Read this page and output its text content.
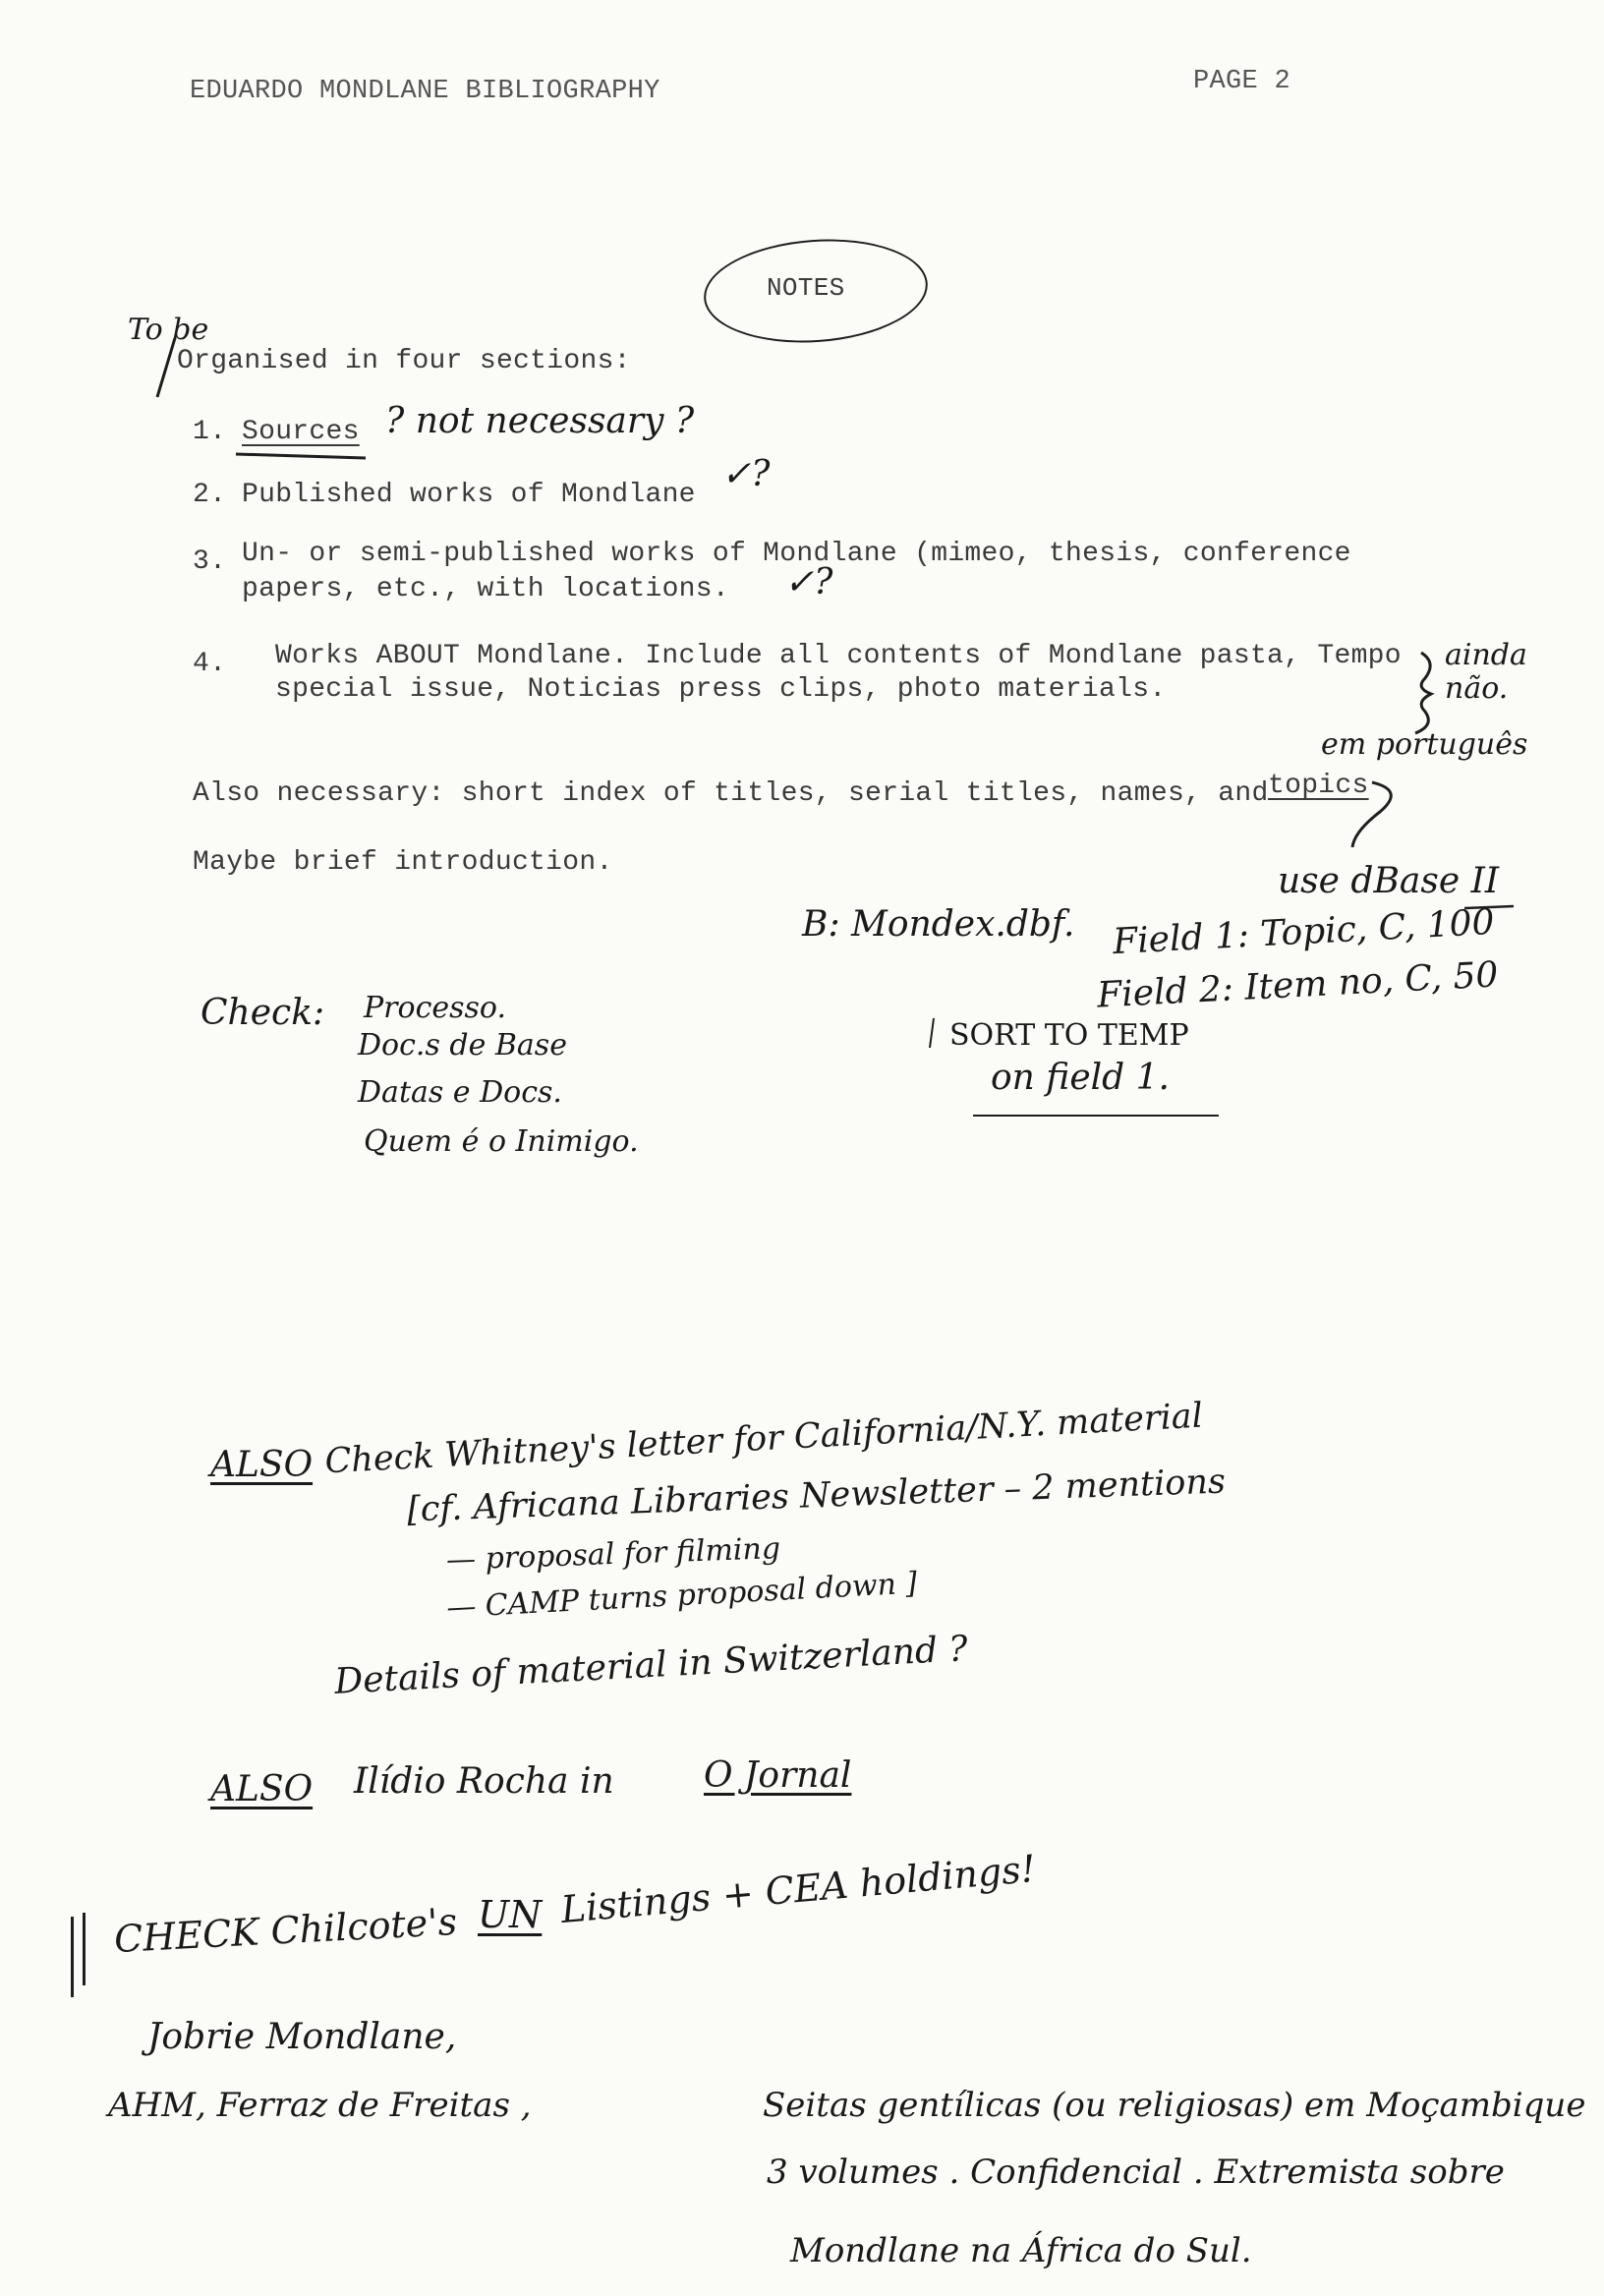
EDUARDO MONDLANE BIBLIOGRAPHY	PAGE 2
NOTES
To be
Organised in four sections:
1. Sources ? not necessary ?
2. Published works of Mondlane
✓?
3. Un- or semi-published works of Mondlane (mimeo, thesis, conference
papers, etc., with locations. ✓?
4. Works ABOUT Mondlane. Include all contents of Mondlane pasta, Tempo
special issue, Noticias press clips, photo materials.
ainda não.
em português
Also necessary: short index of titles, serial titles, names, and topics
use dBase II
Maybe brief introduction.
B: Mondex.dbf. Field 1: Topic, C, 100
Field 2: Item no, C, 50
Check: Processo.
Doc.s de Base
Datas e Docs.
Quem é o Inimigo.
SORT TO TEMP
on field 1.
ALSO Check Whitney's letter for California/N.Y. material
[cf. Africana Libraries Newsletter – 2 mentions
— proposal for filming
— CAMP turns proposal down ]
Details of material in Switzerland ?
ALSO Ilídio Rocha in	O Jornal
CHECK Chilcote's UN Listings + CEA holdings!
Jobrie Mondlane,
AHM, Ferraz de Freitas ,	Seitas gentílicas (ou religiosas) em Moçambique
3 volumes . Confidencial . Extremista sobre
Mondlane na África do Sul.
